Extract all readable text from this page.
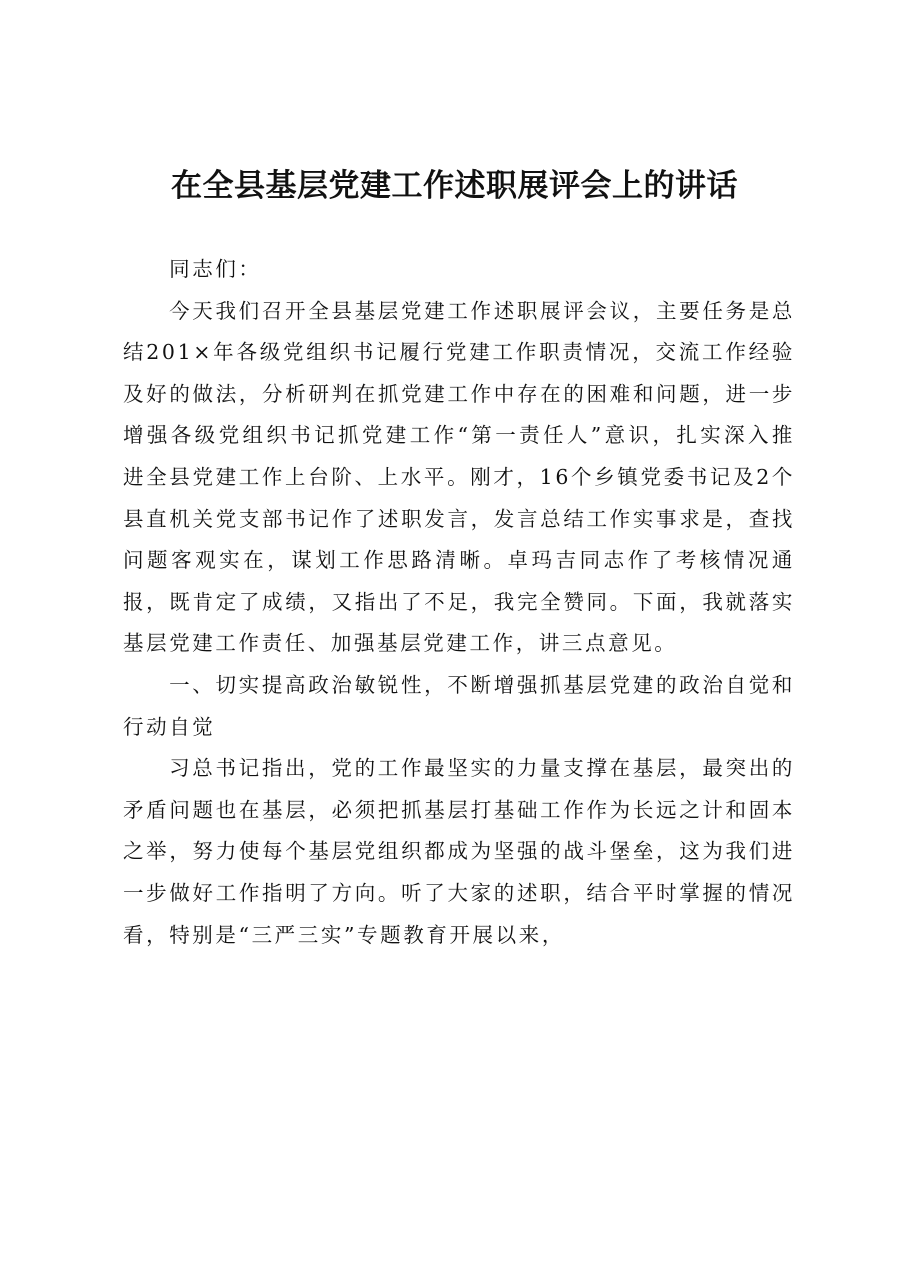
在全县基层党建工作述职展评会上的讲话

同志们：

今天我们召开全县基层党建工作述职展评会议，主要任务是总结201×年各级党组织书记履行党建工作职责情况，交流工作经验及好的做法，分析研判在抓党建工作中存在的困难和问题，进一步增强各级党组织书记抓党建工作“第一责任人”意识，扎实深入推进全县党建工作上台阶、上水平。刚才，16个乡镇党委书记及2个县直机关党支部书记作了述职发言，发言总结工作实事求是，查找问题客观实在，谋划工作思路清晰。卓玛吉同志作了考核情况通报，既肯定了成绩，又指出了不足，我完全赞同。下面，我就落实基层党建工作责任、加强基层党建工作，讲三点意见。

一、切实提高政治敏锐性，不断增强抓基层党建的政治自觉和行动自觉

习总书记指出，党的工作最坚实的力量支撑在基层，最突出的矛盾问题也在基层，必须把抓基层打基础工作作为长远之计和固本之举，努力使每个基层党组织都成为坚强的战斗堡垒，这为我们进一步做好工作指明了方向。听了大家的述职，结合平时掌握的情况看，特别是“三严三实”专题教育开展以来，
